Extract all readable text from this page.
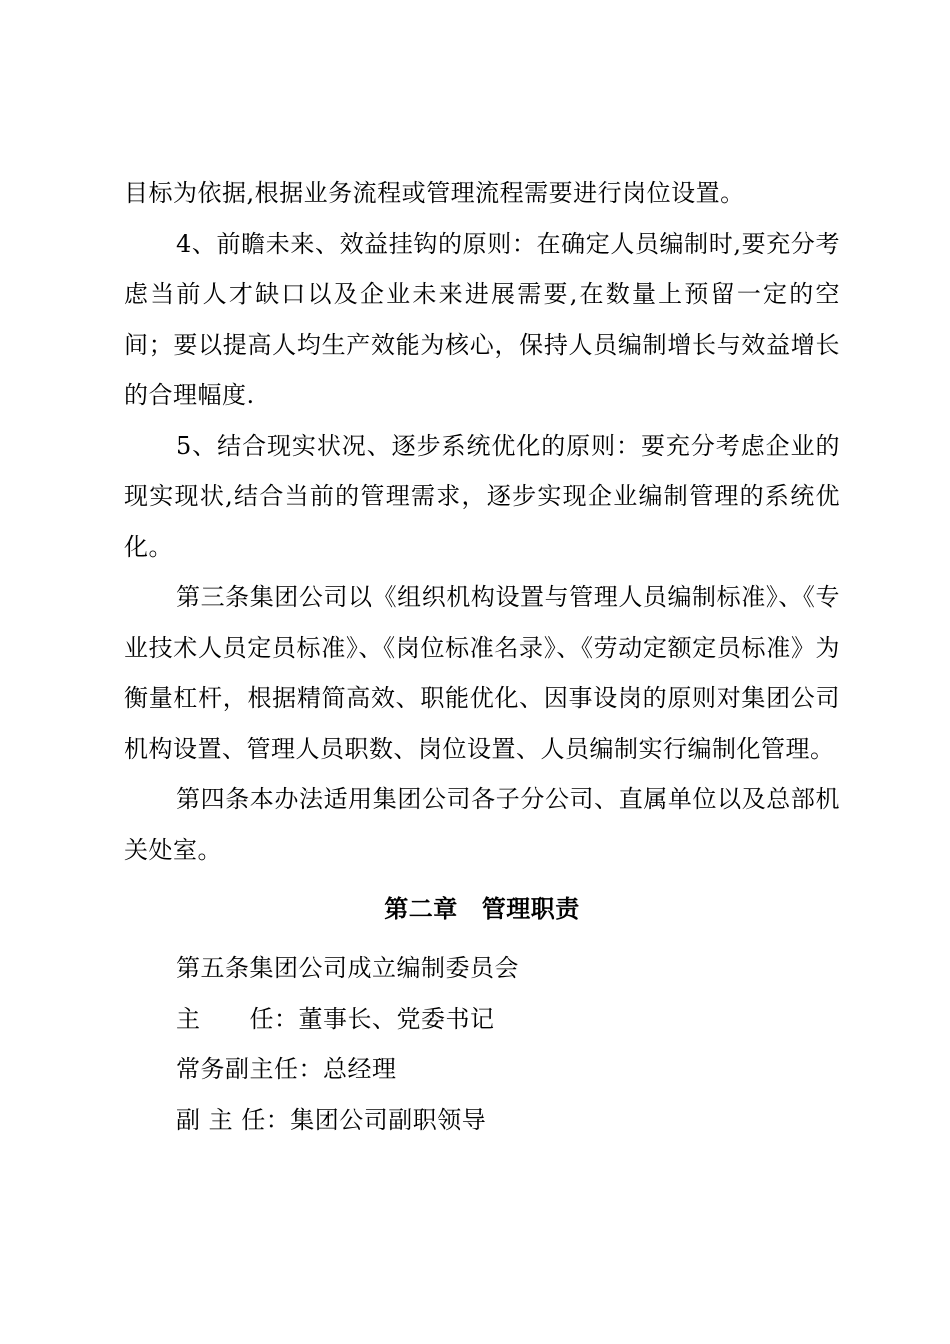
目标为依据,根据业务流程或管理流程需要进行岗位设置。

4、前瞻未来、效益挂钩的原则：在确定人员编制时,要充分考虑当前人才缺口以及企业未来进展需要,在数量上预留一定的空间；要以提高人均生产效能为核心，保持人员编制增长与效益增长的合理幅度.

5、结合现实状况、逐步系统优化的原则：要充分考虑企业的现实现状,结合当前的管理需求，逐步实现企业编制管理的系统优化。

第三条集团公司以《组织机构设置与管理人员编制标准》、《专业技术人员定员标准》、《岗位标准名录》、《劳动定额定员标准》为衡量杠杆，根据精简高效、职能优化、因事设岗的原则对集团公司机构设置、管理人员职数、岗位设置、人员编制实行编制化管理。

第四条本办法适用集团公司各子分公司、直属单位以及总部机关处室。

第二章 管理职责

第五条集团公司成立编制委员会

主　　任：董事长、党委书记

常务副主任：总经理

副 主 任：集团公司副职领导
